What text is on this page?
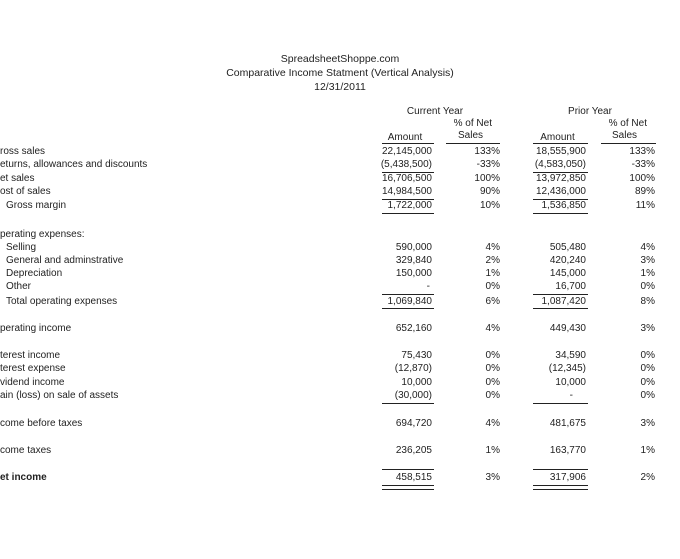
SpreadsheetShoppe.com
Comparative Income Statment (Vertical Analysis)
12/31/2011
Current Year
% of Net
Sales
Amount
Prior Year
% of Net
Sales
Amount
ross sales	22,145,000	133%	18,555,900	133%
eturns, allowances and discounts	(5,438,500)	-33%	(4,583,050)	-33%
et sales	16,706,500	100%	13,972,850	100%
ost of sales	14,984,500	90%	12,436,000	89%
Gross margin	1,722,000	10%	1,536,850	11%
perating expenses:
Selling	590,000	4%	505,480	4%
General and adminstrative	329,840	2%	420,240	3%
Depreciation	150,000	1%	145,000	1%
Other	-	0%	16,700	0%
Total operating expenses	1,069,840	6%	1,087,420	8%
perating income	652,160	4%	449,430	3%
terest income	75,430	0%	34,590	0%
terest expense	(12,870)	0%	(12,345)	0%
vidend income	10,000	0%	10,000	0%
ain (loss) on sale of assets	(30,000)	0%	-	0%
come before taxes	694,720	4%	481,675	3%
come taxes	236,205	1%	163,770	1%
et income	458,515	3%	317,906	2%
